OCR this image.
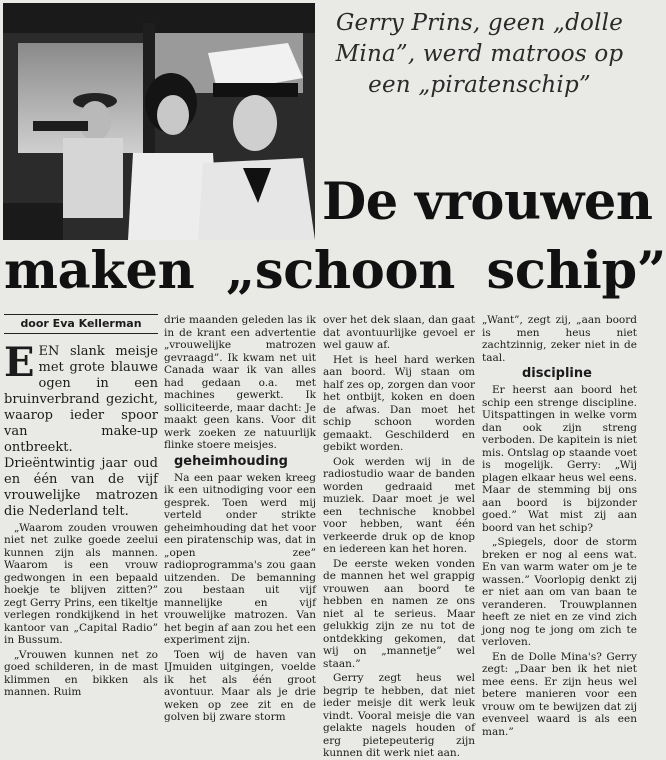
Gerry Prins, geen „dolle Mina”, werd matroos op een „piratenschip”
De vrouwen
maken „schoon schip”
door Eva Kellerman

EEN slank meisje met grote blauwe ogen in een bruinverbrand gezicht, waarop ieder spoor van make-up ontbreekt. Drieëntwintig jaar oud en één van de vijf vrouwelijke matrozen die Nederland telt.

„Waarom zouden vrouwen niet net zulke goede zeelui kunnen zijn als mannen. Waarom is een vrouw gedwongen in een bepaald hoekje te blijven zitten?” zegt Gerry Prins, een tikeltje verlegen rondkijkend in het kantoor van „Capital Radio” in Bussum.

„Vrouwen kunnen net zo goed schilderen, in de mast klimmen en bikken als mannen. Ruim

drie maanden geleden las ik in de krant een advertentie „vrouwelijke matrozen gevraagd”. Ik kwam net uit Canada waar ik van alles had gedaan o.a. met machines gewerkt. Ik solliciteerde, maar dacht: Je maakt geen kans. Voor dit werk zoeken ze natuurlijk flinke stoere meisjes.

geheimhouding

Na een paar weken kreeg ik een uitnodiging voor een gesprek. Toen werd mij verteld onder strikte geheimhouding dat het voor een piratenschip was, dat in „open zee” radioprogramma's zou gaan uitzenden. De bemanning zou bestaan uit vijf mannelijke en vijf vrouwelijke matrozen. Van het begin af aan zou het een experiment zijn.

Toen wij de haven van IJmuiden uitgingen, voelde ik het als één groot avontuur. Maar als je drie weken op zee zit en de golven bij zware storm

over het dek slaan, dan gaat dat avontuurlijke gevoel er wel gauw af.

Het is heel hard werken aan boord. Wij staan om half zes op, zorgen dan voor het ontbijt, koken en doen de afwas. Dan moet het schip schoon worden gemaakt. Geschilderd en gebikt worden.

Ook werden wij in de radiostudio waar de banden worden gedraaid met muziek. Daar moet je wel een technische knobbel voor hebben, want één verkeerde druk op de knop en iedereen kan het horen.

De eerste weken vonden de mannen het wel grappig vrouwen aan boord te hebben en namen ze ons niet al te serieus. Maar gelukkig zijn ze nu tot de ontdekking gekomen, dat wij on „mannetje” wel staan.”

Gerry zegt heus wel begrip te hebben, dat niet ieder meisje dit werk leuk vindt. Vooral meisje die van gelakte nagels houden of erg pietepeuterig zijn kunnen dit werk niet aan.

„Want”, zegt zij, „aan boord is men heus niet zachtzinnig, zeker niet in de taal.

discipline

Er heerst aan boord het schip een strenge discipline. Uitspattingen in welke vorm dan ook zijn streng verboden. De kapitein is niet mis. Ontslag op staande voet is mogelijk. Gerry: „Wij plagen elkaar heus wel eens. Maar de stemming bij ons aan boord is bijzonder goed.” Wat mist zij aan boord van het schip?

„Spiegels, door de storm breken er nog al eens wat. En van warm water om je te wassen.” Voorlopig denkt zij er niet aan om van baan te veranderen. Trouwplannen heeft ze niet en ze vind zich jong nog te jong om zich te verloven.

En de Dolle Mina's? Gerry zegt: „Daar ben ik het niet mee eens. Er zijn heus wel betere manieren voor een vrouw om te bewijzen dat zij evenveel waard is als een man.”
